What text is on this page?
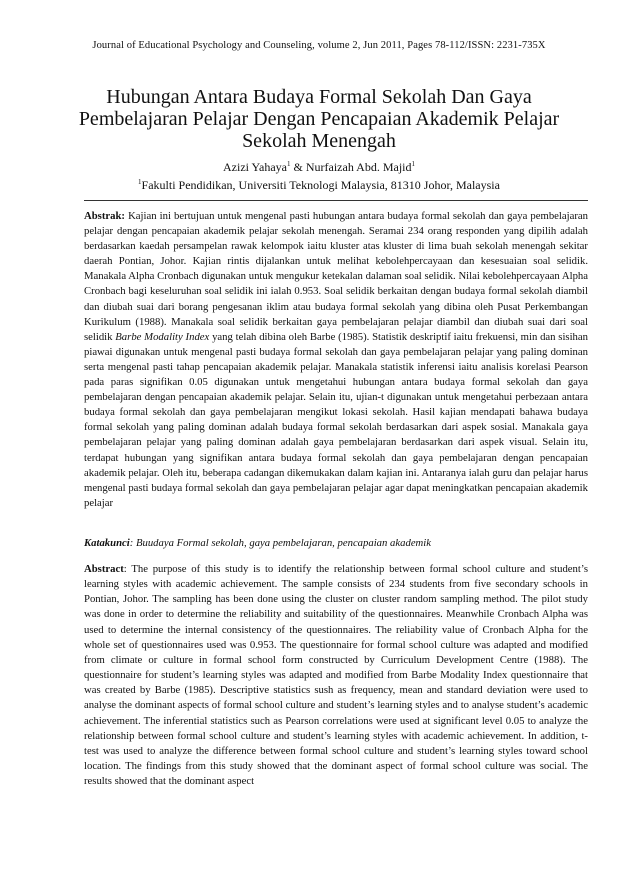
Journal of Educational Psychology and Counseling, volume 2, Jun 2011, Pages 78-112/ISSN: 2231-735X
Hubungan Antara Budaya Formal Sekolah Dan Gaya Pembelajaran Pelajar Dengan Pencapaian Akademik Pelajar Sekolah Menengah
Azizi Yahaya$^1$ & Nurfaizah Abd. Majid$^1$
$^1$Fakulti Pendidikan, Universiti Teknologi Malaysia, 81310 Johor, Malaysia
Abstrak: Kajian ini bertujuan untuk mengenal pasti hubungan antara budaya formal sekolah dan gaya pembelajaran pelajar dengan pencapaian akademik pelajar sekolah menengah. Seramai 234 orang responden yang dipilih adalah berdasarkan kaedah persampelan rawak kelompok iaitu kluster atas kluster di lima buah sekolah menengah sekitar daerah Pontian, Johor. Kajian rintis dijalankan untuk melihat kebolehpercayaan dan kesesuaian soal selidik. Manakala Alpha Cronbach digunakan untuk mengukur ketekalan dalaman soal selidik. Nilai kebolehpercayaan Alpha Cronbach bagi keseluruhan soal selidik ini ialah 0.953. Soal selidik berkaitan dengan budaya formal sekolah diambil dan diubah suai dari borang pengesanan iklim atau budaya formal sekolah yang dibina oleh Pusat Perkembangan Kurikulum (1988). Manakala soal selidik berkaitan gaya pembelajaran pelajar diambil dan diubah suai dari soal selidik Barbe Modality Index yang telah dibina oleh Barbe (1985). Statistik deskriptif iaitu frekuensi, min dan sisihan piawai digunakan untuk mengenal pasti budaya formal sekolah dan gaya pembelajaran pelajar yang paling dominan serta mengenal pasti tahap pencapaian akademik pelajar. Manakala statistik inferensi iaitu analisis korelasi Pearson pada paras signifikan 0.05 digunakan untuk mengetahui hubungan antara budaya formal sekolah dan gaya pembelajaran dengan pencapaian akademik pelajar. Selain itu, ujian-t digunakan untuk mengetahui perbezaan antara budaya formal sekolah dan gaya pembelajaran mengikut lokasi sekolah. Hasil kajian mendapati bahawa budaya formal sekolah yang paling dominan adalah budaya formal sekolah berdasarkan dari aspek sosial. Manakala gaya pembelajaran pelajar yang paling dominan adalah gaya pembelajaran berdasarkan dari aspek visual. Selain itu, terdapat hubungan yang signifikan antara budaya formal sekolah dan gaya pembelajaran dengan pencapaian akademik pelajar. Oleh itu, beberapa cadangan dikemukakan dalam kajian ini. Antaranya ialah guru dan pelajar harus mengenal pasti budaya formal sekolah dan gaya pembelajaran pelajar agar dapat meningkatkan pencapaian akademik pelajar
Katakunci: Buudaya Formal sekolah, gaya pembelajaran, pencapaian akademik
Abstract: The purpose of this study is to identify the relationship between formal school culture and student’s learning styles with academic achievement. The sample consists of 234 students from five secondary schools in Pontian, Johor. The sampling has been done using the cluster on cluster random sampling method. The pilot study was done in order to determine the reliability and suitability of the questionnaires. Meanwhile Cronbach Alpha was used to determine the internal consistency of the questionnaires. The reliability value of Cronbach Alpha for the whole set of questionnaires used was 0.953. The questionnaire for formal school culture was adapted and modified from climate or culture in formal school form constructed by Curriculum Development Centre (1988). The questionnaire for student’s learning styles was adapted and modified from Barbe Modality Index questionnaire that was created by Barbe (1985). Descriptive statistics sush as frequency, mean and standard deviation were used to analyse the dominant aspects of formal school culture and student’s learning styles and to analyse student’s academic achievement. The inferential statistics such as Pearson correlations were used at significant level 0.05 to analyze the relationship between formal school culture and student’s learning styles with academic achievement. In addition, t-test was used to analyze the difference between formal school culture and student’s learning styles toward school location. The findings from this study showed that the dominant aspect of formal school culture was social. The results showed that the dominant aspect
